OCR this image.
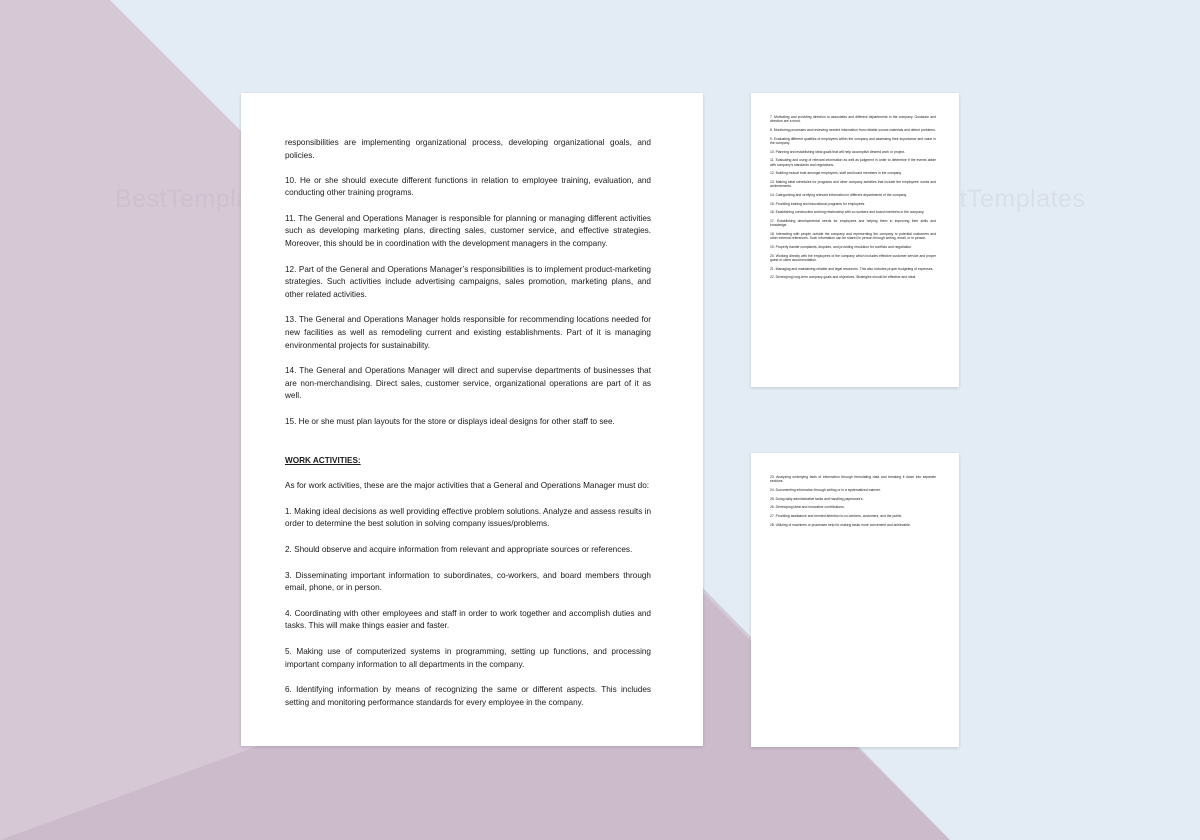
responsibilities are implementing organizational process, developing organizational goals, and policies.

10. He or she should execute different functions in relation to employee training, evaluation, and conducting other training programs.

11. The General and Operations Manager is responsible for planning or managing different activities such as developing marketing plans, directing sales, customer service, and effective strategies. Moreover, this should be in coordination with the development managers in the company.

12. Part of the General and Operations Manager’s responsibilities is to implement product-marketing strategies. Such activities include advertising campaigns, sales promotion, marketing plans, and other related activities.

13. The General and Operations Manager holds responsible for recommending locations needed for new facilities as well as remodeling current and existing establishments. Part of it is managing environmental projects for sustainability.

14. The General and Operations Manager will direct and supervise departments of businesses that are non-merchandising. Direct sales, customer service, organizational operations are part of it as well.

15. He or she must plan layouts for the store or displays ideal designs for other staff to see.

WORK ACTIVITIES:

As for work activities, these are the major activities that a General and Operations Manager must do:

1. Making ideal decisions as well providing effective problem solutions. Analyze and assess results in order to determine the best solution in solving company issues/problems.

2. Should observe and acquire information from relevant and appropriate sources or references.

3. Disseminating important information to subordinates, co-workers, and board members through email, phone, or in person.

4. Coordinating with other employees and staff in order to work together and accomplish duties and tasks. This will make things easier and faster.

5. Making use of computerized systems in programming, setting up functions, and processing important company information to all departments in the company.

6. Identifying information by means of recognizing the same or different aspects. This includes setting and monitoring performance standards for every employee in the company.

7. Motivating and providing direction to associates and different departments in the company. Guidance and direction are a must.

8. Monitoring processes and reviewing needed information from reliable source materials and detect problems.

9. Evaluating different qualities of employees within the company and assessing their importance and value in the company.

10. Planning and establishing ideal goals that will help accomplish desired work or project.

11. Evaluating and using of relevant information as well as judgment in order to determine if the events abide with company's standards and regulations.

12. Building mutual trust amongst employees, staff and board members in the company.

13. Making ideal schedules for programs and other company activities that include the employees' works and achievements.

14. Categorizing and verifying relevant information in different departments of the company.

15. Providing training and educational programs for employees.

16. Establishing constructive working relationship with co-workers and board members in the company.

17. Establishing developmental needs for employees and helping them in improving their skills and knowledge.

18. Interacting with people outside the company and representing the company to potential customers and other external references. Such information can be shared in person through writing, email, or in person.

19. Properly handle complaints, disputes, and providing resolution for conflicts and negotiation.

20. Working directly with the employees of the company which includes effective customer service and proper guest or client accommodation.

21. Managing and maintaining reliable and legal resources. This also includes proper budgeting of expenses.

22. Developing long-term company goals and objectives. Strategies should be effective and ideal.

23. Analyzing underlying facts of information through formulating data and breaking it down into separate sections.

24. Documenting information through writing or in a systematized manner.

25. Doing daily administrative tasks and handling paperwork's.

26. Developing ideal and innovative contributions.

27. Providing assistance and needed attention to co-workers, customers, and the public.

28. Utilizing of machines or processes help for making tasks more convenient and achievable.
